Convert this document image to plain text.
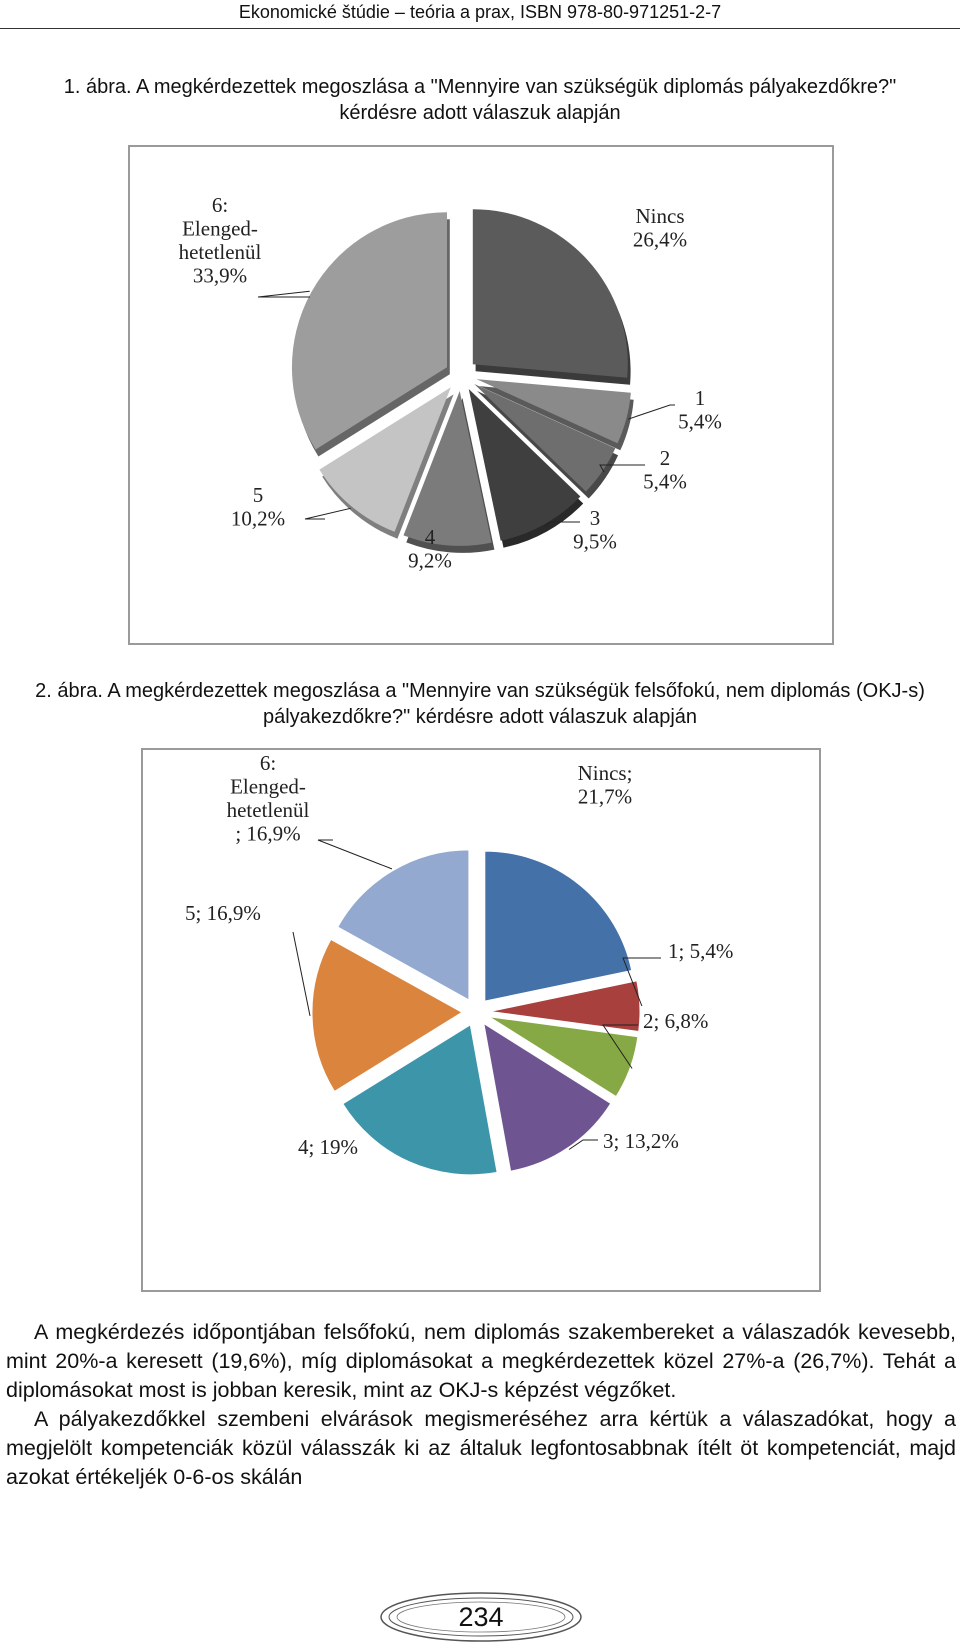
Ekonomické štúdie – teória a prax, ISBN 978-80-971251-2-7
1. ábra. A megkérdezettek megoszlása a "Mennyire van szükségük diplomás pályakezdőkre?" kérdésre adott válaszuk alapján
Nincs 26,4%
1 5,4%
2 5,4%
3 9,5%
4 9,2%
5 10,2%
6: Elenged-hetetlenül 33,9%
2. ábra. A megkérdezettek megoszlása a "Mennyire van szükségük felsőfokú, nem diplomás (OKJ-s) pályakezdőkre?" kérdésre adott válaszuk alapján
Nincs; 21,7%
1; 5,4%
2; 6,8%
3; 13,2%
4; 19%
5; 16,9%
6: Elenged-hetetlenül ; 16,9%

A megkérdezés időpontjában felsőfokú, nem diplomás szakembereket a válaszadók kevesebb, mint 20%-a keresett (19,6%), míg diplomásokat a megkérdezettek közel 27%-a (26,7%). Tehát a diplomásokat most is jobban keresik, mint az OKJ-s képzést végzőket.

A pályakezdőkkel szembeni elvárások megismeréséhez arra kértük a válaszadókat, hogy a megjelölt kompetenciák közül válasszák ki az általuk legfontosabbnak ítélt öt kompetenciát, majd azokat értékeljék 0-6-os skálán

234
